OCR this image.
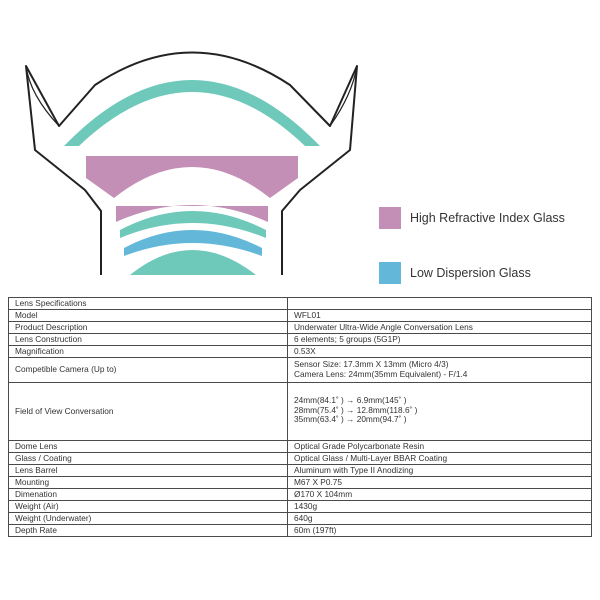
High Refractive Index Glass
Low Dispersion Glass
Lens Specifications	
Model	WFL01
Product Description	Underwater Ultra-Wide Angle Conversation Lens
Lens Construction	6 elements; 5 groups (5G1P)
Magnification	0.53X
Competible Camera (Up to)	Sensor Size: 17.3mm X 13mm (Micro 4/3)
Camera Lens: 24mm(35mm Equivalent) - F/1.4

Field of View Conversation	24mm(84.1˚ ) → 6.9mm(145˚ )
28mm(75.4˚ ) → 12.8mm(118.6˚ )
35mm(63.4˚ ) → 20mm(94.7˚ )

Dome Lens	Optical Grade Polycarbonate Resin
Glass / Coating	Optical Glass / Multi-Layer BBAR Coating
Lens Barrel	Aluminum with Type II Anodizing
Mounting	M67 X P0.75
Dimenation	Ø170 X 104mm
Weight (Air)	1430g
Weight (Underwater)	640g
Depth Rate	60m (197ft)
